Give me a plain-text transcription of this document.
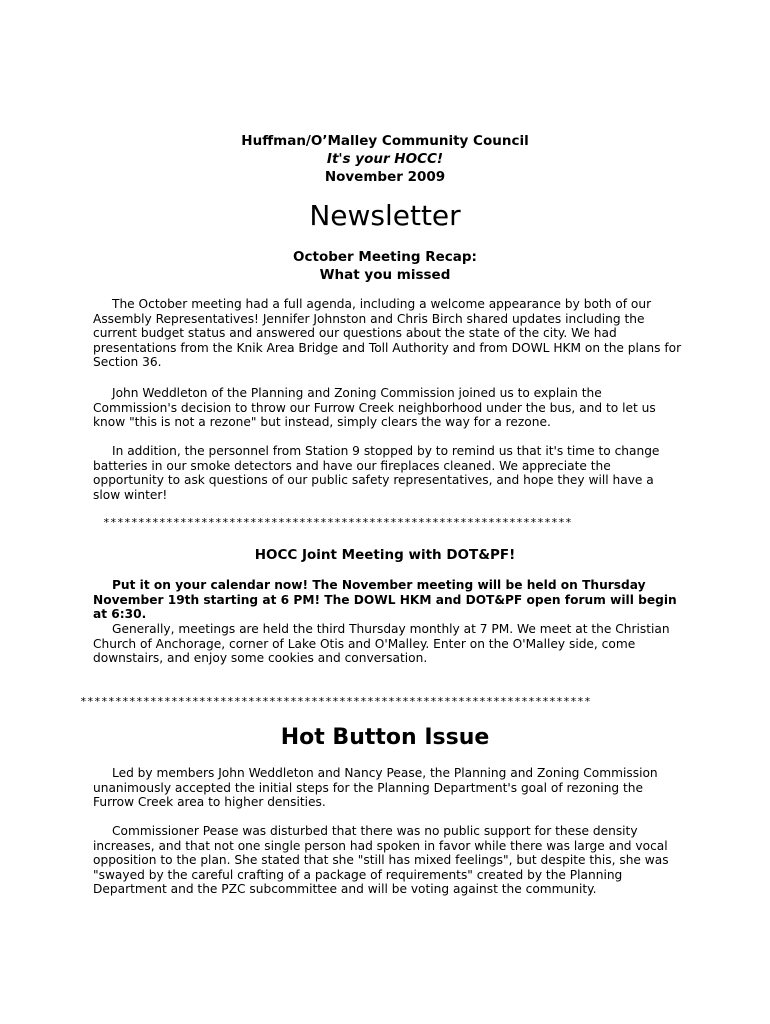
Huffman/O’Malley Community Council
It's your HOCC!
November 2009
Newsletter
October Meeting Recap:
What you missed

The October meeting had a full agenda, including a welcome appearance by both of our Assembly Representatives! Jennifer Johnston and Chris Birch shared updates including the current budget status and answered our questions about the state of the city. We had presentations from the Knik Area Bridge and Toll Authority and from DOWL HKM on the plans for Section 36.

John Weddleton of the Planning and Zoning Commission joined us to explain the Commission's decision to throw our Furrow Creek neighborhood under the bus, and to let us know "this is not a rezone" but instead, simply clears the way for a rezone.

In addition, the personnel from Station 9 stopped by to remind us that it's time to change batteries in our smoke detectors and have our fireplaces cleaned. We appreciate the opportunity to ask questions of our public safety representatives, and hope they will have a slow winter!

*******************************************************************
HOCC Joint Meeting with DOT&PF!

Put it on your calendar now! The November meeting will be held on Thursday November 19th starting at 6 PM! The DOWL HKM and DOT&PF open forum will begin at 6:30.

Generally, meetings are held the third Thursday monthly at 7 PM. We meet at the Christian Church of Anchorage, corner of Lake Otis and O'Malley. Enter on the O'Malley side, come downstairs, and enjoy some cookies and conversation.

*************************************************************************
Hot Button Issue

Led by members John Weddleton and Nancy Pease, the Planning and Zoning Commission unanimously accepted the initial steps for the Planning Department's goal of rezoning the Furrow Creek area to higher densities.

Commissioner Pease was disturbed that there was no public support for these density increases, and that not one single person had spoken in favor while there was large and vocal opposition to the plan. She stated that she "still has mixed feelings", but despite this, she was "swayed by the careful crafting of a package of requirements" created by the Planning Department and the PZC subcommittee and will be voting against the community.
